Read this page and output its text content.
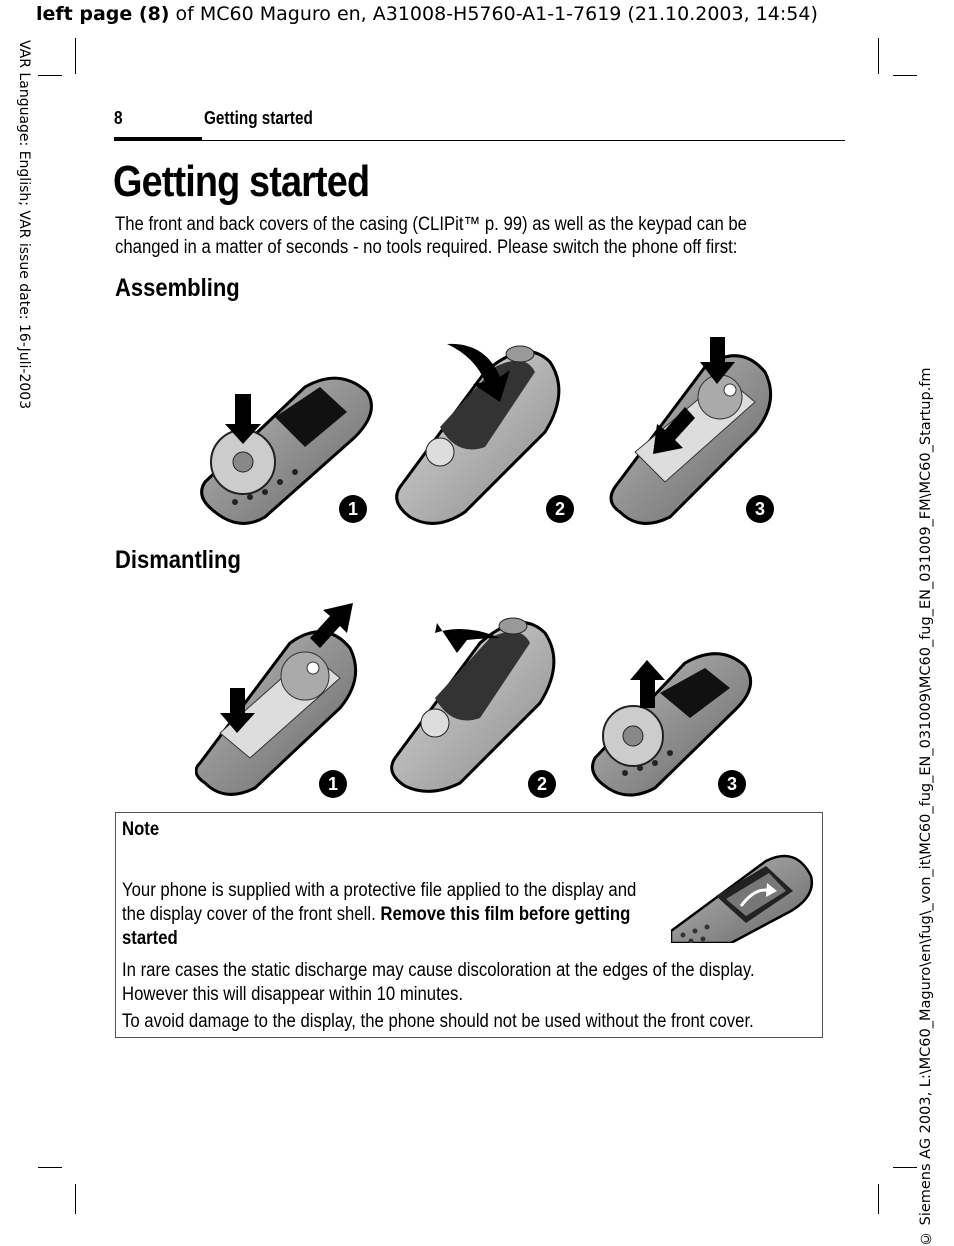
left page (8) of MC60 Maguro en, A31008-H5760-A1-1-7619 (21.10.2003, 14:54)
VAR Language: English; VAR issue date: 16-Juli-2003
© Siemens AG 2003, L:\MC60_Maguro\en\fug\_von_it\MC60_fug_EN_031009\MC60_fug_EN_031009_FM\MC60_Startup.fm
8	Getting started
Getting started
The front and back covers of the casing (CLIPit™ p. 99) as well as the keypad can be changed in a matter of seconds - no tools required. Please switch the phone off first:
Assembling
1	2	3
Dismantling
1	2	3
Note
Your phone is supplied with a protective file applied to the display and the display cover of the front shell. Remove this film before getting started
In rare cases the static discharge may cause discoloration at the edges of the display. However this will disappear within 10 minutes.
To avoid damage to the display, the phone should not be used without the front cover.
